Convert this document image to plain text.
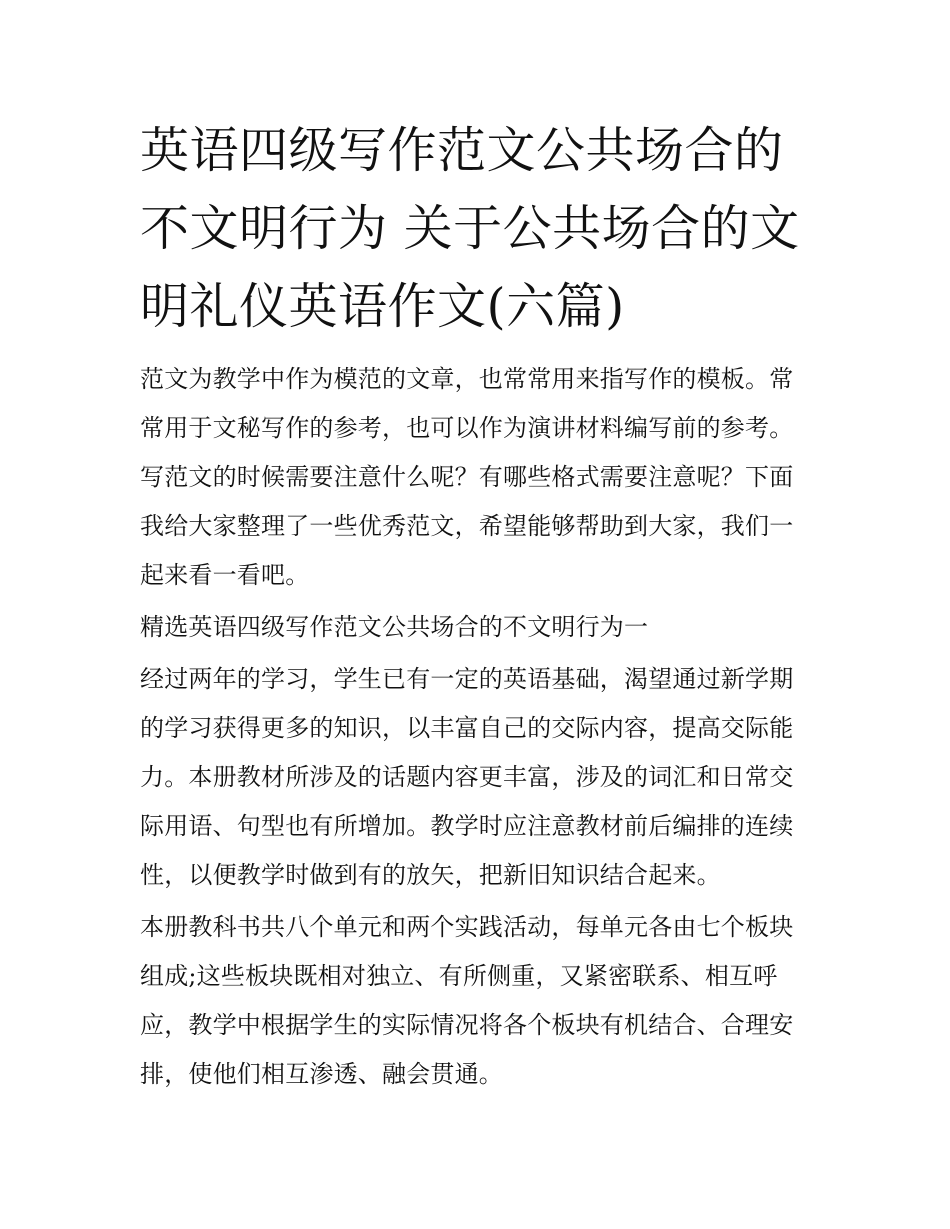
英语四级写作范文公共场合的
不文明行为 关于公共场合的文
明礼仪英语作文(六篇)

范文为教学中作为模范的文章，也常常用来指写作的模板。常
常用于文秘写作的参考，也可以作为演讲材料编写前的参考。
写范文的时候需要注意什么呢？有哪些格式需要注意呢？下面
我给大家整理了一些优秀范文，希望能够帮助到大家，我们一
起来看一看吧。

精选英语四级写作范文公共场合的不文明行为一

经过两年的学习，学生已有一定的英语基础，渴望通过新学期
的学习获得更多的知识，以丰富自己的交际内容，提高交际能
力。本册教材所涉及的话题内容更丰富，涉及的词汇和日常交
际用语、句型也有所增加。教学时应注意教材前后编排的连续
性，以便教学时做到有的放矢，把新旧知识结合起来。

本册教科书共八个单元和两个实践活动，每单元各由七个板块
组成;这些板块既相对独立、有所侧重，又紧密联系、相互呼
应，教学中根据学生的实际情况将各个板块有机结合、合理安
排，使他们相互渗透、融会贯通。
